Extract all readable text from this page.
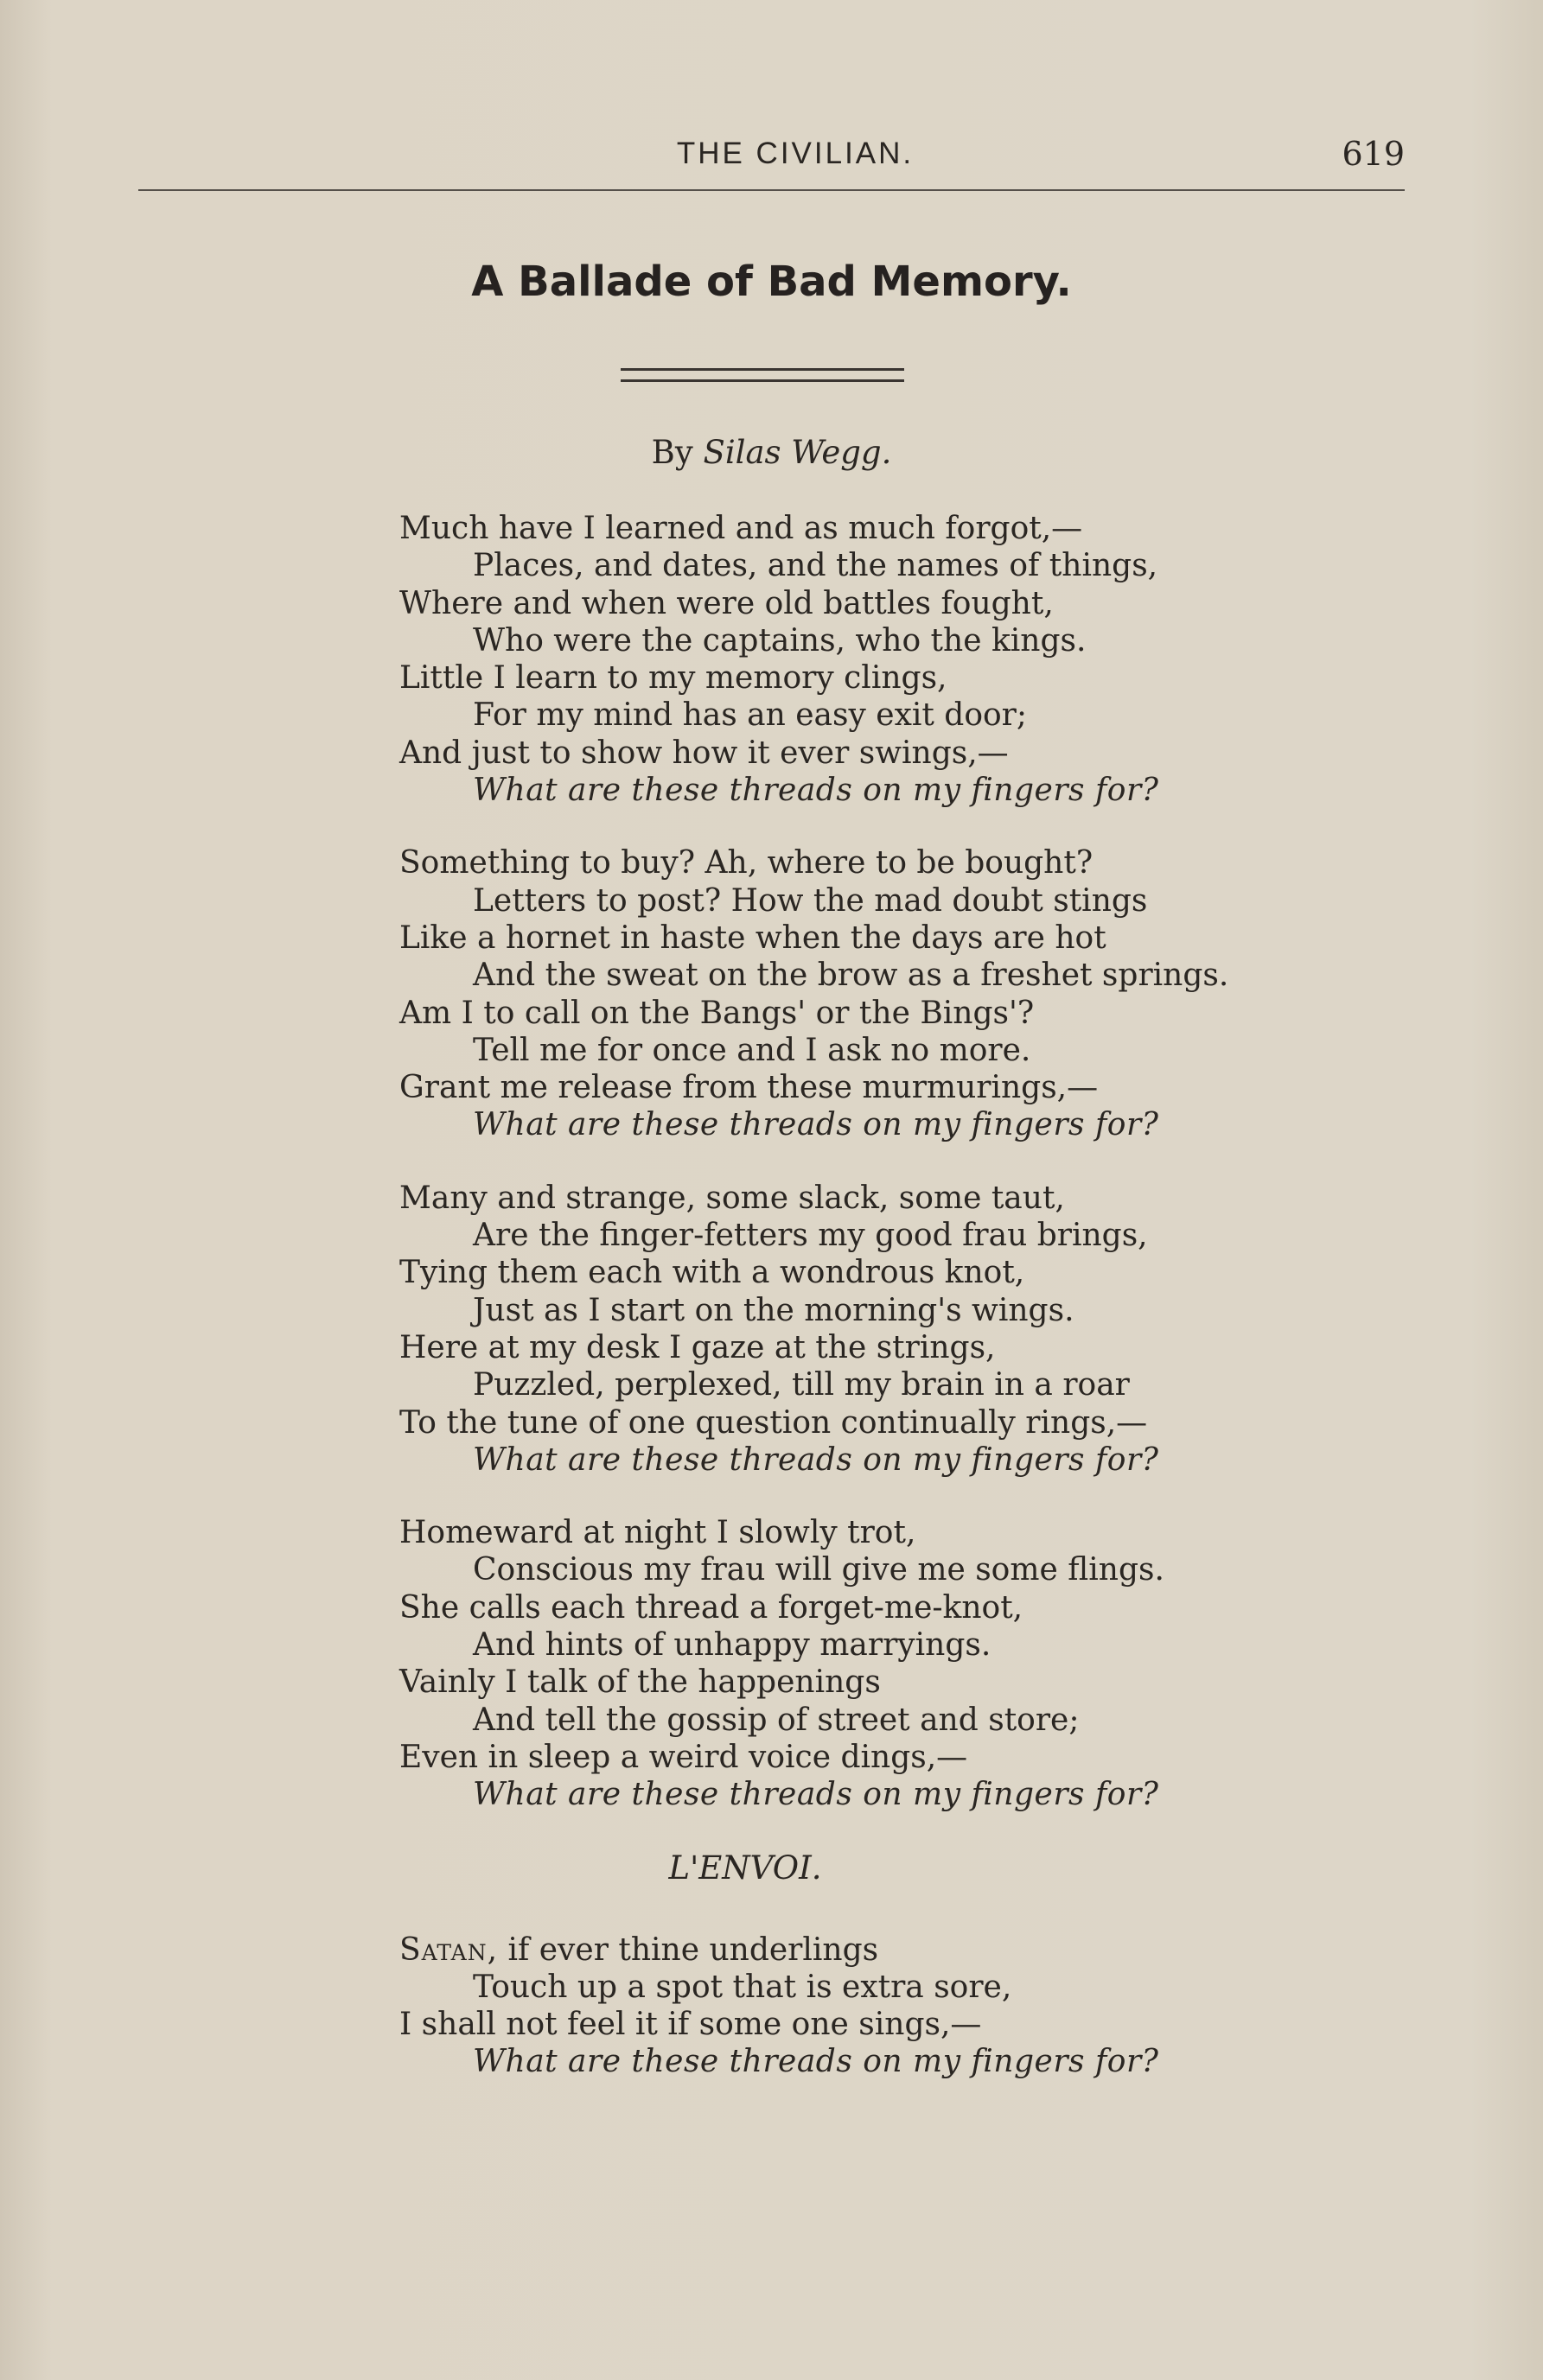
THE CIVILIAN.	619
A Ballade of Bad Memory.
By Silas Wegg.
Much have I learned and as much forgot,—
Places, and dates, and the names of things,
Where and when were old battles fought,
Who were the captains, who the kings.
Little I learn to my memory clings,
For my mind has an easy exit door;
And just to show how it ever swings,—
What are these threads on my fingers for?
Something to buy? Ah, where to be bought?
Letters to post? How the mad doubt stings
Like a hornet in haste when the days are hot
And the sweat on the brow as a freshet springs.
Am I to call on the Bangs' or the Bings'?
Tell me for once and I ask no more.
Grant me release from these murmurings,—
What are these threads on my fingers for?
Many and strange, some slack, some taut,
Are the finger-fetters my good frau brings,
Tying them each with a wondrous knot,
Just as I start on the morning's wings.
Here at my desk I gaze at the strings,
Puzzled, perplexed, till my brain in a roar
To the tune of one question continually rings,—
What are these threads on my fingers for?
Homeward at night I slowly trot,
Conscious my frau will give me some flings.
She calls each thread a forget-me-knot,
And hints of unhappy marryings.
Vainly I talk of the happenings
And tell the gossip of street and store;
Even in sleep a weird voice dings,—
What are these threads on my fingers for?
L'ENVOI.
Satan, if ever thine underlings
Touch up a spot that is extra sore,
I shall not feel it if some one sings,—
What are these threads on my fingers for?
